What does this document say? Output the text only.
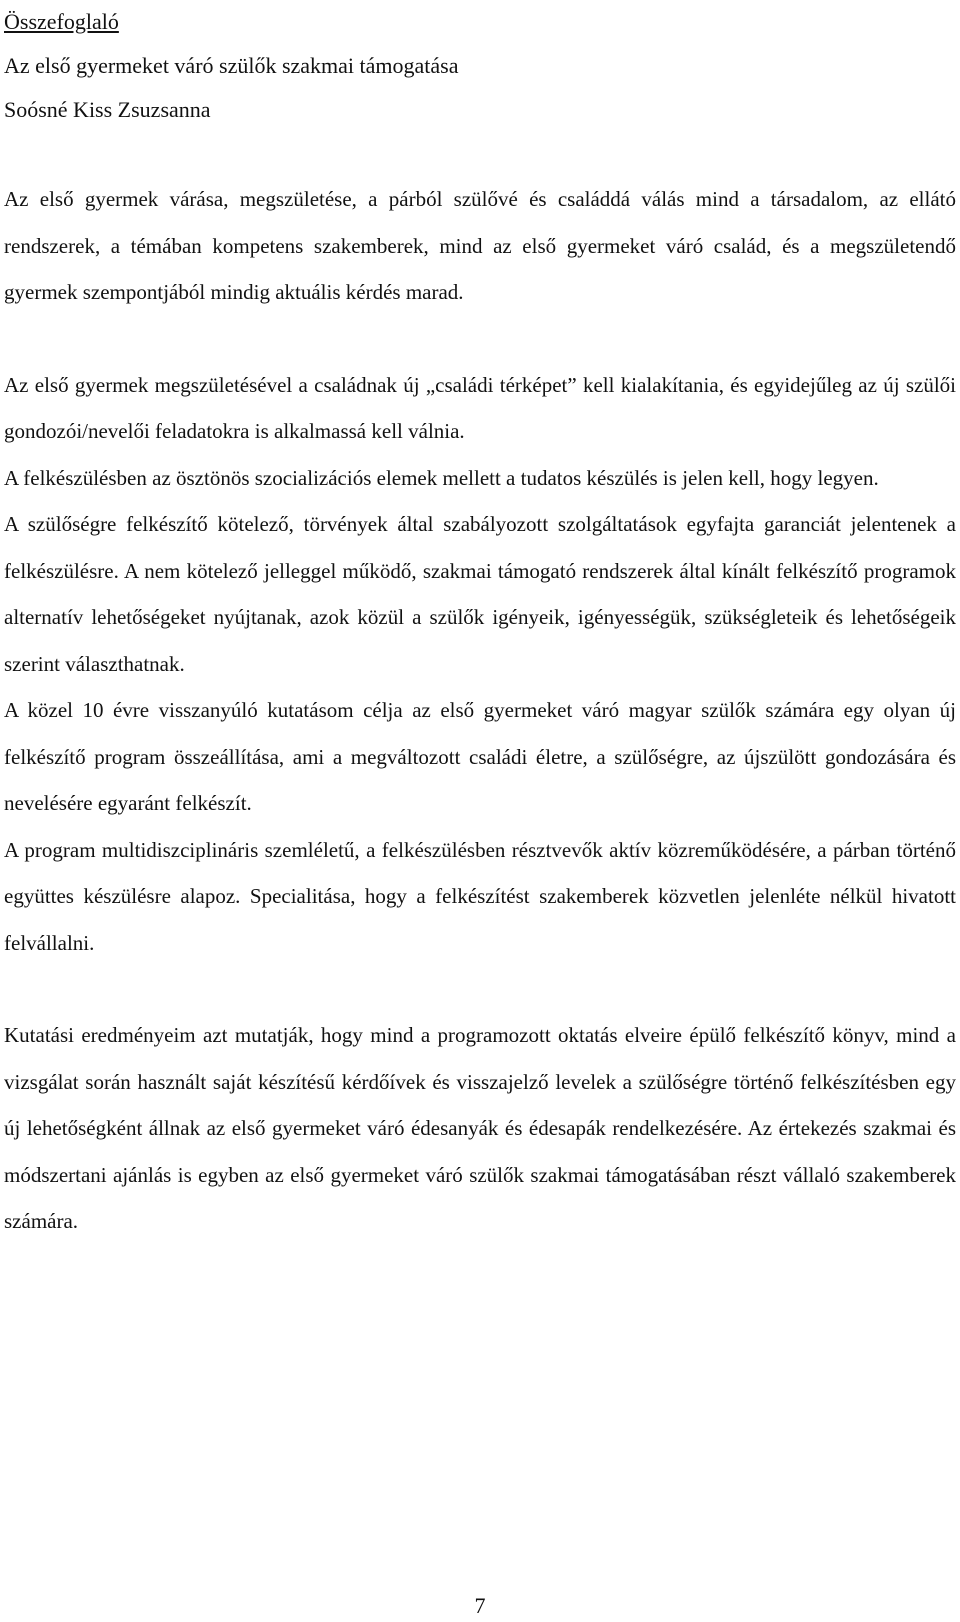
Összefoglaló
Az első gyermeket váró szülők szakmai támogatása
Soósné Kiss Zsuzsanna

Az első gyermek várása, megszületése, a párból szülővé és családdá válás mind a társadalom, az ellátó rendszerek, a témában kompetens szakemberek, mind az első gyermeket váró család, és a megszületendő gyermek szempontjából mindig aktuális kérdés marad.

Az első gyermek megszületésével a családnak új „családi térképet” kell kialakítania, és egyidejűleg az új szülői gondozói/nevelői feladatokra is alkalmassá kell válnia.

A felkészülésben az ösztönös szocializációs elemek mellett a tudatos készülés is jelen kell, hogy legyen.

A szülőségre felkészítő kötelező, törvények által szabályozott szolgáltatások egyfajta garanciát jelentenek a felkészülésre. A nem kötelező jelleggel működő, szakmai támogató rendszerek által kínált felkészítő programok alternatív lehetőségeket nyújtanak, azok közül a szülők igényeik, igényességük, szükségleteik és lehetőségeik szerint választhatnak.

A közel 10 évre visszanyúló kutatásom célja az első gyermeket váró magyar szülők számára egy olyan új felkészítő program összeállítása, ami a megváltozott családi életre, a szülőségre, az újszülött gondozására és nevelésére egyaránt felkészít.

A program multidiszciplináris szemléletű, a felkészülésben résztvevők aktív közreműködésére, a párban történő együttes készülésre alapoz. Specialitása, hogy a felkészítést szakemberek közvetlen jelenléte nélkül hivatott felvállalni.

Kutatási eredményeim azt mutatják, hogy mind a programozott oktatás elveire épülő felkészítő könyv, mind a vizsgálat során használt saját készítésű kérdőívek és visszajelző levelek a szülőségre történő felkészítésben egy új lehetőségként állnak az első gyermeket váró édesanyák és édesapák rendelkezésére. Az értekezés szakmai és módszertani ajánlás is egyben az első gyermeket váró szülők szakmai támogatásában részt vállaló szakemberek számára.

7
